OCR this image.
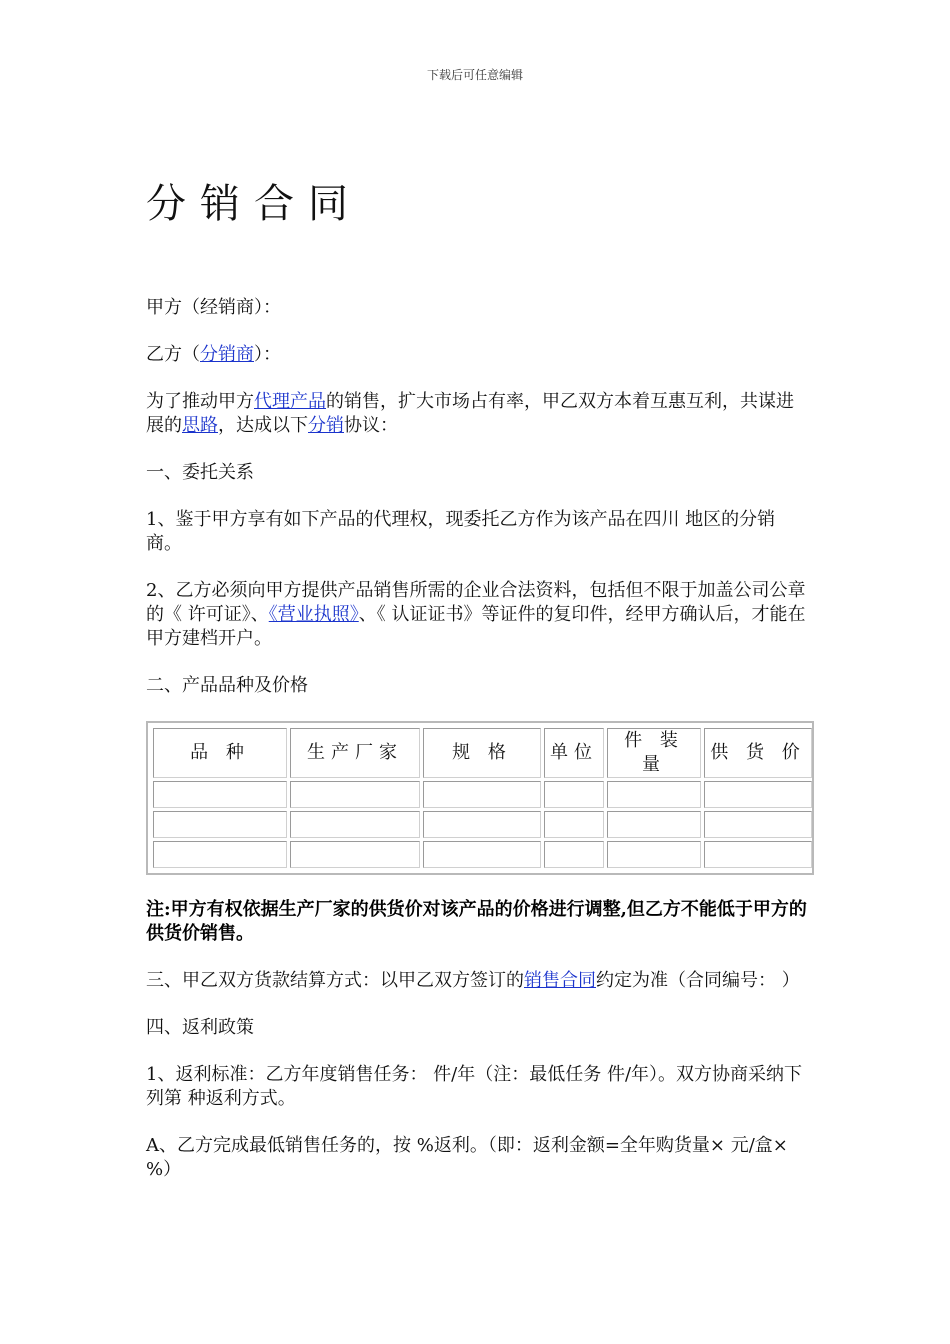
下载后可任意编辑
分销合同

甲方（经销商）：

乙方（分销商）：

为了推动甲方代理产品的销售，扩大市场占有率，甲乙双方本着互惠互利，共谋进展的思路，达成以下分销协议：

一、委托关系

1、鉴于甲方享有如下产品的代理权，现委托乙方作为该产品在四川 地区的分销商。

2、乙方必须向甲方提供产品销售所需的企业合法资料，包括但不限于加盖公司公章的《 许可证》、《营业执照》、《 认证证书》等证件的复印件，经甲方确认后，才能在甲方建档开户。

二、产品品种及价格

品 种	生产厂家	规 格	单位	件 装 量	供 货 价

注:甲方有权依据生产厂家的供货价对该产品的价格进行调整,但乙方不能低于甲方的供货价销售。

三、甲乙双方货款结算方式：以甲乙双方签订的销售合同约定为准（合同编号： ）

四、返利政策

1、返利标准：乙方年度销售任务： 件/年（注：最低任务 件/年）。双方协商采纳下列第 种返利方式。

A、乙方完成最低销售任务的，按 %返利。（即：返利金额=全年购货量× 元/盒× %）
